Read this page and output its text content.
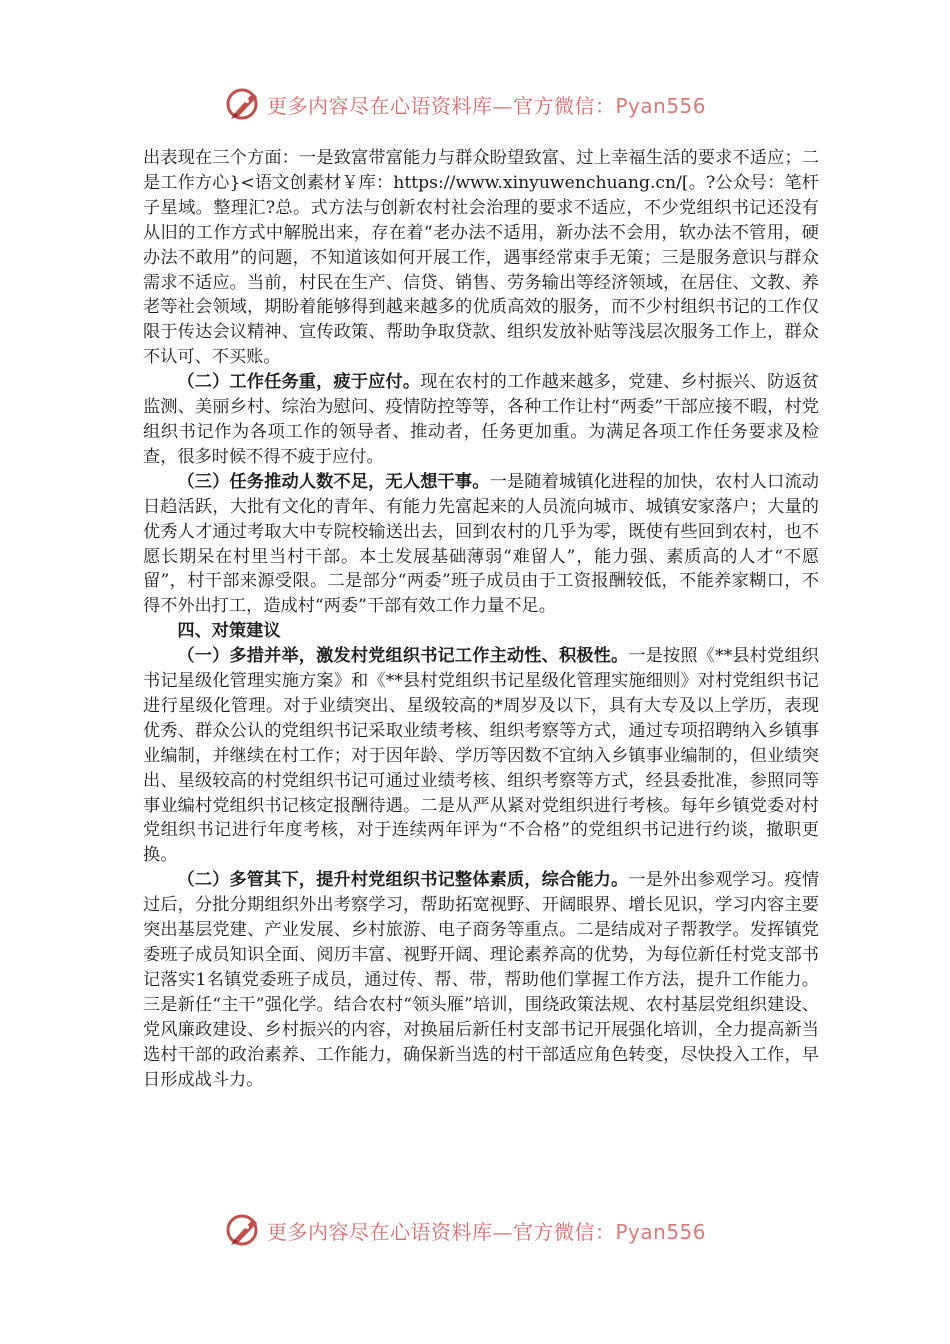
更多内容尽在心语资料库—官方微信：Pyan556

出表现在三个方面：一是致富带富能力与群众盼望致富、过上幸福生活的要求不适应；二是工作方心}<语文创素材￥库：https://www.xinyuwenchuang.cn/[。?公众号：笔杆子星域。整理汇?总。式方法与创新农村社会治理的要求不适应，不少党组织书记还没有从旧的工作方式中解脱出来，存在着“老办法不适用，新办法不会用，软办法不管用，硬办法不敢用”的问题，不知道该如何开展工作，遇事经常束手无策；三是服务意识与群众需求不适应。当前，村民在生产、信贷、销售、劳务输出等经济领域，在居住、文教、养老等社会领域，期盼着能够得到越来越多的优质高效的服务，而不少村组织书记的工作仅限于传达会议精神、宣传政策、帮助争取贷款、组织发放补贴等浅层次服务工作上，群众不认可、不买账。

（二）工作任务重，疲于应付。现在农村的工作越来越多，党建、乡村振兴、防返贫监测、美丽乡村、综治为慰问、疫情防控等等，各种工作让村“两委”干部应接不暇，村党组织书记作为各项工作的领导者、推动者，任务更加重。为满足各项工作任务要求及检查，很多时候不得不疲于应付。

（三）任务推动人数不足，无人想干事。一是随着城镇化进程的加快，农村人口流动日趋活跃，大批有文化的青年、有能力先富起来的人员流向城市、城镇安家落户；大量的优秀人才通过考取大中专院校输送出去，回到农村的几乎为零，既使有些回到农村，也不愿长期呆在村里当村干部。本土发展基础薄弱“难留人”，能力强、素质高的人才“不愿留”，村干部来源受限。二是部分“两委”班子成员由于工资报酬较低，不能养家糊口，不得不外出打工，造成村“两委”干部有效工作力量不足。

四、对策建议

（一）多措并举，激发村党组织书记工作主动性、积极性。一是按照《**县村党组织书记星级化管理实施方案》和《**县村党组织书记星级化管理实施细则》对村党组织书记进行星级化管理。对于业绩突出、星级较高的*周岁及以下，具有大专及以上学历，表现优秀、群众公认的党组织书记采取业绩考核、组织考察等方式，通过专项招聘纳入乡镇事业编制，并继续在村工作；对于因年龄、学历等因数不宜纳入乡镇事业编制的，但业绩突出、星级较高的村党组织书记可通过业绩考核、组织考察等方式，经县委批准，参照同等事业编村党组织书记核定报酬待遇。二是从严从紧对党组织进行考核。每年乡镇党委对村党组织书记进行年度考核，对于连续两年评为“不合格”的党组织书记进行约谈，撤职更换。

（二）多管其下，提升村党组织书记整体素质，综合能力。一是外出参观学习。疫情过后，分批分期组织外出考察学习，帮助拓宽视野、开阔眼界、增长见识，学习内容主要突出基层党建、产业发展、乡村旅游、电子商务等重点。二是结成对子帮教学。发挥镇党委班子成员知识全面、阅历丰富、视野开阔、理论素养高的优势，为每位新任村党支部书记落实1名镇党委班子成员，通过传、帮、带，帮助他们掌握工作方法，提升工作能力。三是新任“主干”强化学。结合农村“领头雁”培训，围绕政策法规、农村基层党组织建设、党风廉政建设、乡村振兴的内容，对换届后新任村支部书记开展强化培训，全力提高新当选村干部的政治素养、工作能力，确保新当选的村干部适应角色转变，尽快投入工作，早日形成战斗力。

更多内容尽在心语资料库—官方微信：Pyan556
